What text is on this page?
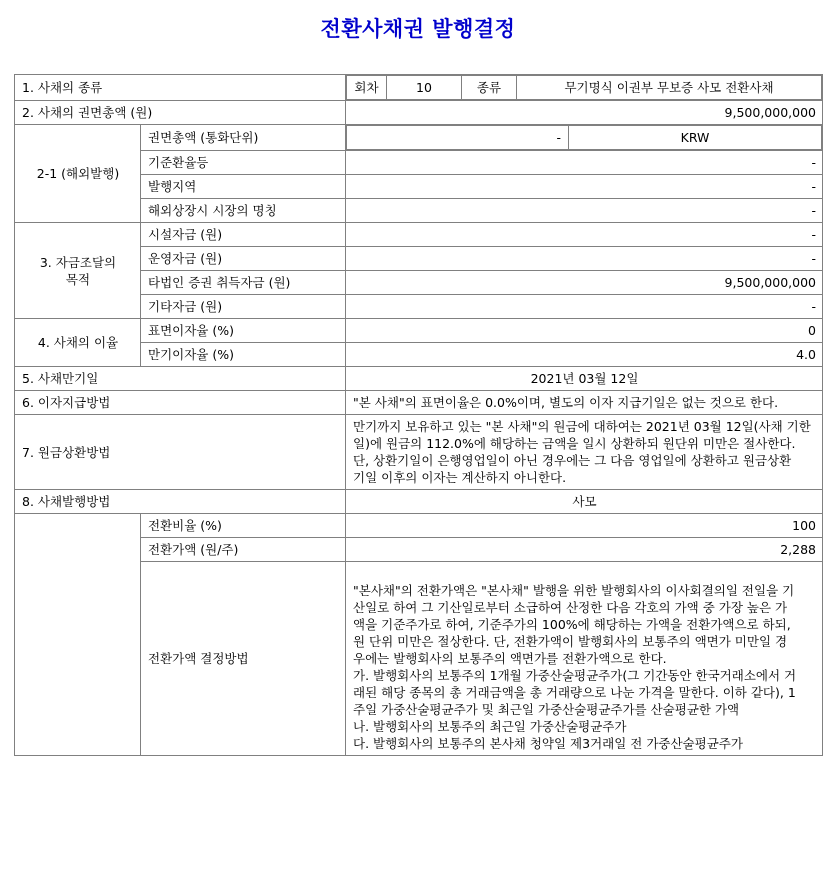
전환사채권 발행결정
1. 사채의 종류		회차	10	종류	무기명식 이권부 무보증 사모 전환사채

2. 사채의 권면총액 (원)	9,500,000,000
2-1 (해외발행)	권면총액 (통화단위)		-	KRW

기준환율등	-
발행지역	-
해외상장시 시장의 명칭	-
3. 자금조달의
목적	시설자금 (원)	-
운영자금 (원)	-
타법인 증권 취득자금 (원)	9,500,000,000
기타자금 (원)	-
4. 사채의 이율	표면이자율 (%)	0
만기이자율 (%)	4.0
5. 사채만기일	2021년 03월 12일
6. 이자지급방법	"본 사채"의 표면이율은 0.0%이며, 별도의 이자 지급기일은 없는 것으로 한다.
7. 원금상환방법	
만기까지 보유하고 있는 "본 사채"의 원금에 대하여는 2021년 03월 12일(사채 기한
일)에 원금의 112.0%에 해당하는 금액을 일시 상환하되 원단위 미만은 절사한다.
단, 상환기일이 은행영업일이 아닌 경우에는 그 다음 영업일에 상환하고 원금상환
기일 이후의 이자는 계산하지 아니한다.

8. 사채발행방법	사모
	전환비율 (%)	100
전환가액 (원/주)	2,288
전환가액 결정방법	
"본사채"의 전환가액은 "본사채" 발행을 위한 발행회사의 이사회결의일 전일을 기
산일로 하여 그 기산일로부터 소급하여 산정한 다음 각호의 가액 중 가장 높은 가
액을 기준주가로 하여, 기준주가의 100%에 해당하는 가액을 전환가액으로 하되,
원 단위 미만은 절상한다. 단, 전환가액이 발행회사의 보통주의 액면가 미만일 경
우에는 발행회사의 보통주의 액면가를 전환가액으로 한다.
가. 발행회사의 보통주의 1개월 가중산술평균주가(그 기간동안 한국거래소에서 거
래된 해당 종목의 총 거래금액을 총 거래량으로 나눈 가격을 말한다. 이하 같다), 1
주일 가중산술평균주가 및 최근일 가중산술평균주가를 산술평균한 가액
나. 발행회사의 보통주의 최근일 가중산술평균주가
다. 발행회사의 보통주의 본사채 청약일 제3거래일 전 가중산술평균주가
